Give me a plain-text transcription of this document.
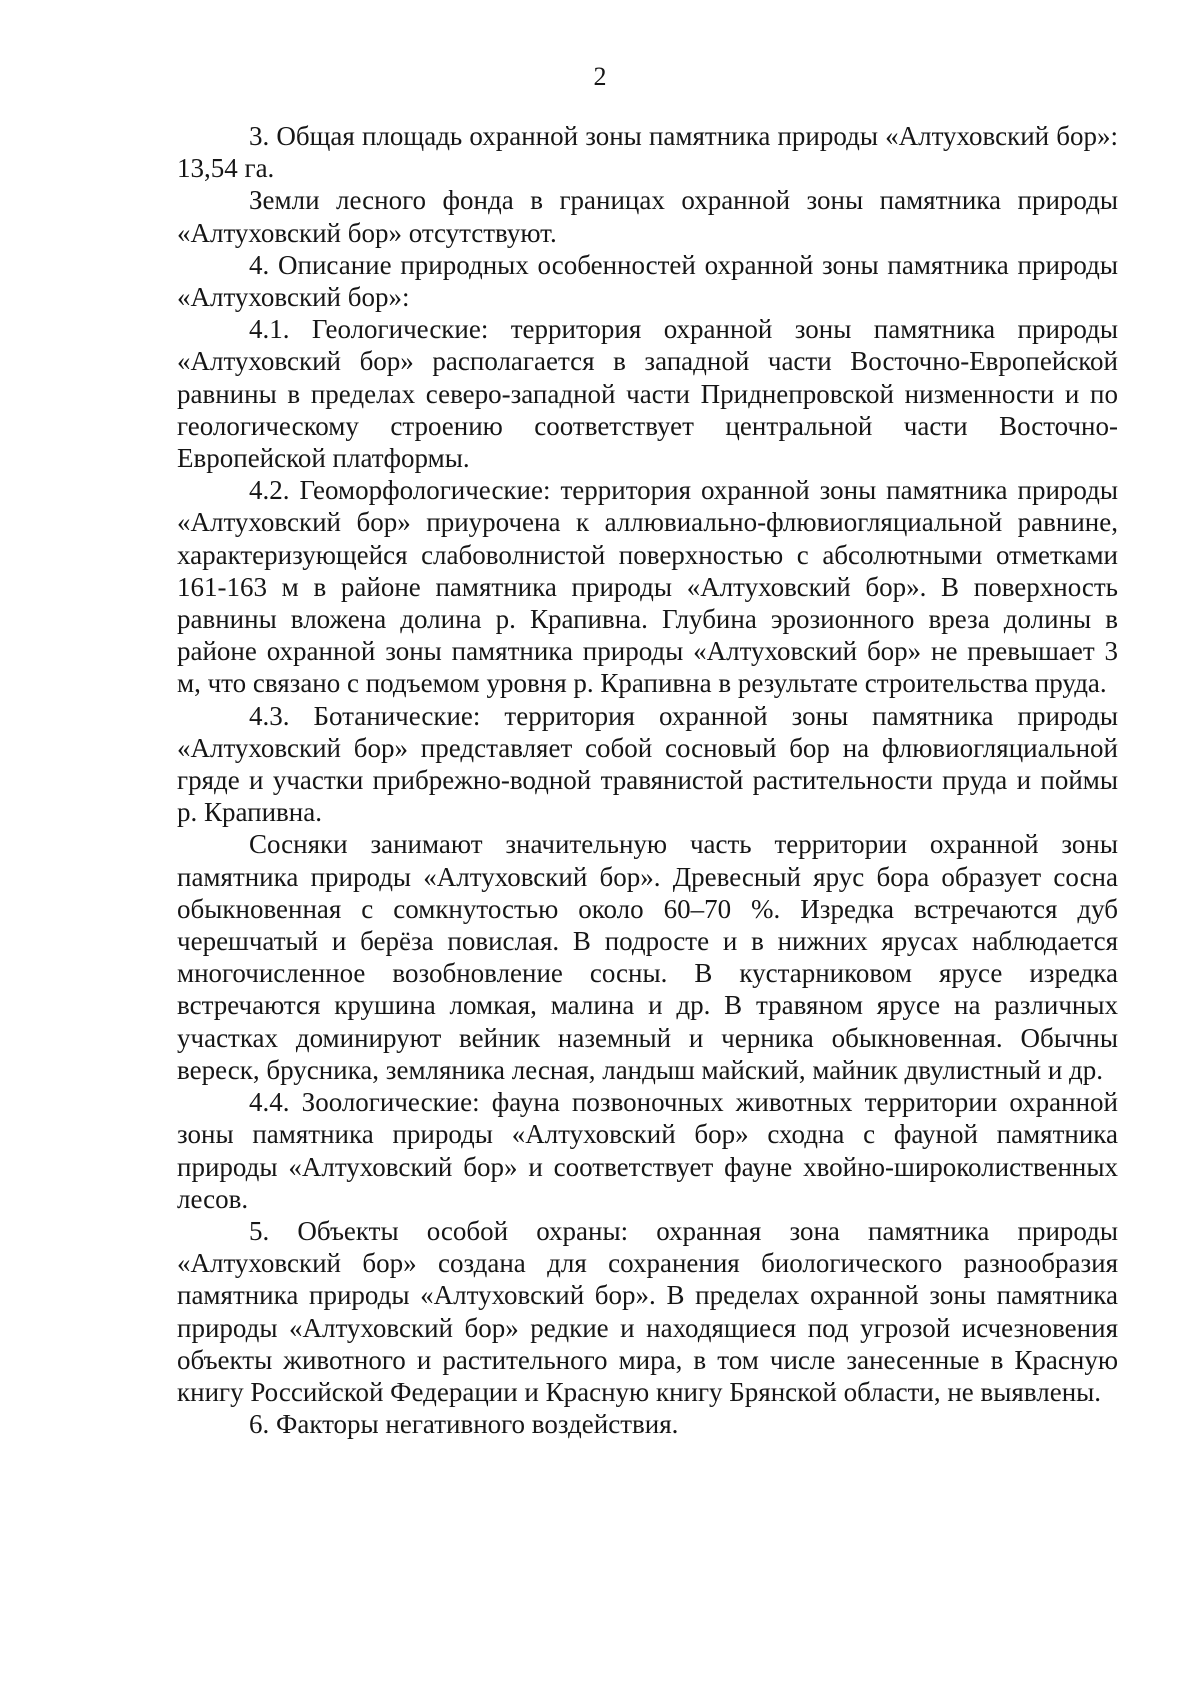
2

3. Общая площадь охранной зоны памятника природы «Алтуховский бор»: 13,54 га.

Земли лесного фонда в границах охранной зоны памятника природы «Алтуховский бор» отсутствуют.

4. Описание природных особенностей охранной зоны памятника природы «Алтуховский бор»:

4.1. Геологические: территория охранной зоны памятника природы «Алтуховский бор» располагается в западной части Восточно-Европейской равнины в пределах северо-западной части Приднепровской низменности и по геологическому строению соответствует центральной части Восточно-Европейской платформы.

4.2. Геоморфологические: территория охранной зоны памятника природы «Алтуховский бор» приурочена к аллювиально-флювиогляциальной равнине, характеризующейся слабоволнистой поверхностью с абсолютными отметками 161-163 м в районе памятника природы «Алтуховский бор». В поверхность равнины вложена долина р. Крапивна. Глубина эрозионного вреза долины в районе охранной зоны памятника природы «Алтуховский бор» не превышает 3 м, что связано с подъемом уровня р. Крапивна в результате строительства пруда.

4.3. Ботанические: территория охранной зоны памятника природы «Алтуховский бор» представляет собой сосновый бор на флювиогляциальной гряде и участки прибрежно-водной травянистой растительности пруда и поймы р. Крапивна.

Сосняки занимают значительную часть территории охранной зоны памятника природы «Алтуховский бор». Древесный ярус бора образует сосна обыкновенная с сомкнутостью около 60–70 %. Изредка встречаются дуб черешчатый и берёза повислая. В подросте и в нижних ярусах наблюдается многочисленное возобновление сосны. В кустарниковом ярусе изредка встречаются крушина ломкая, малина и др. В травяном ярусе на различных участках доминируют вейник наземный и черника обыкновенная. Обычны вереск, брусника, земляника лесная, ландыш майский, майник двулистный и др.

4.4. Зоологические: фауна позвоночных животных территории охранной зоны памятника природы «Алтуховский бор» сходна с фауной памятника природы «Алтуховский бор» и соответствует фауне хвойно-широколиственных лесов.

5. Объекты особой охраны: охранная зона памятника природы «Алтуховский бор» создана для сохранения биологического разнообразия памятника природы «Алтуховский бор». В пределах охранной зоны памятника природы «Алтуховский бор» редкие и находящиеся под угрозой исчезновения объекты животного и растительного мира, в том числе занесенные в Красную книгу Российской Федерации и Красную книгу Брянской области, не выявлены.

6. Факторы негативного воздействия.
